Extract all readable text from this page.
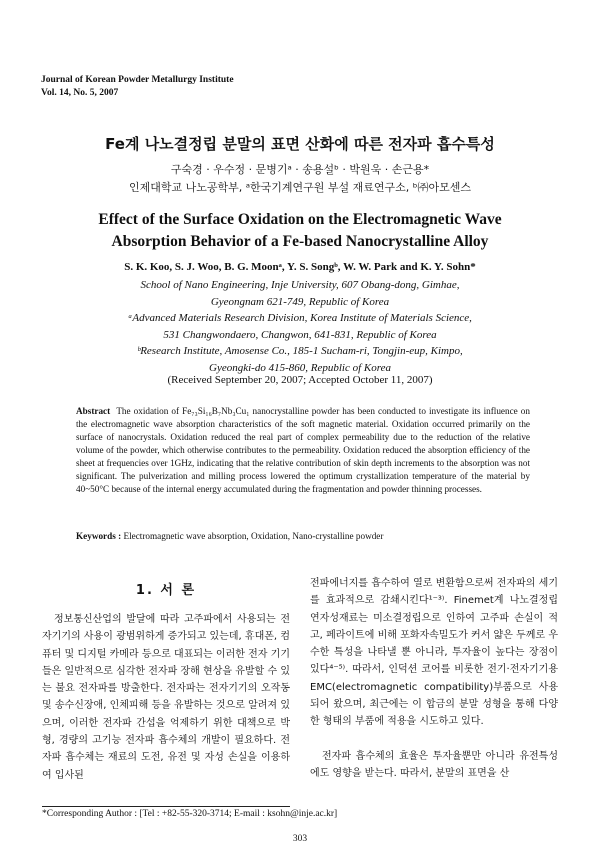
Journal of Korean Powder Metallurgy Institute
Vol. 14, No. 5, 2007
Fe계 나노결정립 분말의 표면 산화에 따른 전자파 흡수특성
구숙경 · 우수정 · 문병기ᵃ · 송용설ᵇ · 박원욱 · 손근용*
인제대학교 나노공학부, ᵃ한국기계연구원 부설 재료연구소, ᵇ㈜아모센스
Effect of the Surface Oxidation on the Electromagnetic Wave
Absorption Behavior of a Fe-based Nanocrystalline Alloy
S. K. Koo, S. J. Woo, B. G. Moonᵃ, Y. S. Songᵇ, W. W. Park and K. Y. Sohn*
School of Nano Engineering, Inje University, 607 Obang-dong, Gimhae,
Gyeongnam 621-749, Republic of Korea
ᵃAdvanced Materials Research Division, Korea Institute of Materials Science,
531 Changwondaero, Changwon, 641-831, Republic of Korea
ᵇResearch Institute, Amosense Co., 185-1 Sucham-ri, Tongjin-eup, Kimpo,
Gyeongki-do 415-860, Republic of Korea
(Received September 20, 2007; Accepted October 11, 2007)
Abstract The oxidation of Fe₇₃Si₁₆B₇Nb₃Cu₁ nanocrystalline powder has been conducted to investigate its influence on the electromagnetic wave absorption characteristics of the soft magnetic material. Oxidation occurred primarily on the surface of nanocrystals. Oxidation reduced the real part of complex permeability due to the reduction of the relative volume of the powder, which otherwise contributes to the permeability. Oxidation reduced the absorption efficiency of the sheet at frequencies over 1GHz, indicating that the relative contribution of skin depth increments to the absorption was not significant. The pulverization and milling process lowered the optimum crystallization temperature of the material by 40~50°C because of the internal energy accumulated during the fragmentation and powder thinning processes.
Keywords : Electromagnetic wave absorption, Oxidation, Nano-crystalline powder
1. 서 론
정보통신산업의 발달에 따라 고주파에서 사용되는 전자기기의 사용이 광범위하게 증가되고 있는데, 휴대폰, 컴퓨터 및 디지털 카메라 등으로 대표되는 이러한 전자 기기들은 일반적으로 심각한 전자파 장해 현상을 유발할 수 있는 불요 전자파를 방출한다. 전자파는 전자기기의 오작동 및 송수신장애, 인체피해 등을 유발하는 것으로 알려져 있으며, 이러한 전자파 간섭을 억제하기 위한 대책으로 박형, 경량의 고기능 전자파 흡수체의 개발이 필요하다. 전자파 흡수체는 재료의 도전, 유전 및 자성 손실을 이용하여 입사된
전파에너지를 흡수하여 열로 변환함으로써 전자파의 세기를 효과적으로 감쇄시킨다¹⁻³⁾. Finemet계 나노결정립 연자성재료는 미소결정립으로 인하여 고주파 손실이 적고, 페라이트에 비해 포화자속밀도가 커서 얇은 두께로 우수한 특성을 나타낼 뿐 아니라, 투자율이 높다는 장점이 있다⁴⁻⁵⁾. 따라서, 인덕션 코어를 비롯한 전기·전자기기용 EMC(electromagnetic compatibility)부품으로 사용되어 왔으며, 최근에는 이 합금의 분말 성형을 통해 다양한 형태의 부품에 적용을 시도하고 있다.
전자파 흡수체의 효율은 투자율뿐만 아니라 유전특성에도 영향을 받는다. 따라서, 분말의 표면을 산
*Corresponding Author : [Tel : +82-55-320-3714; E-mail : ksohn@inje.ac.kr]
303
